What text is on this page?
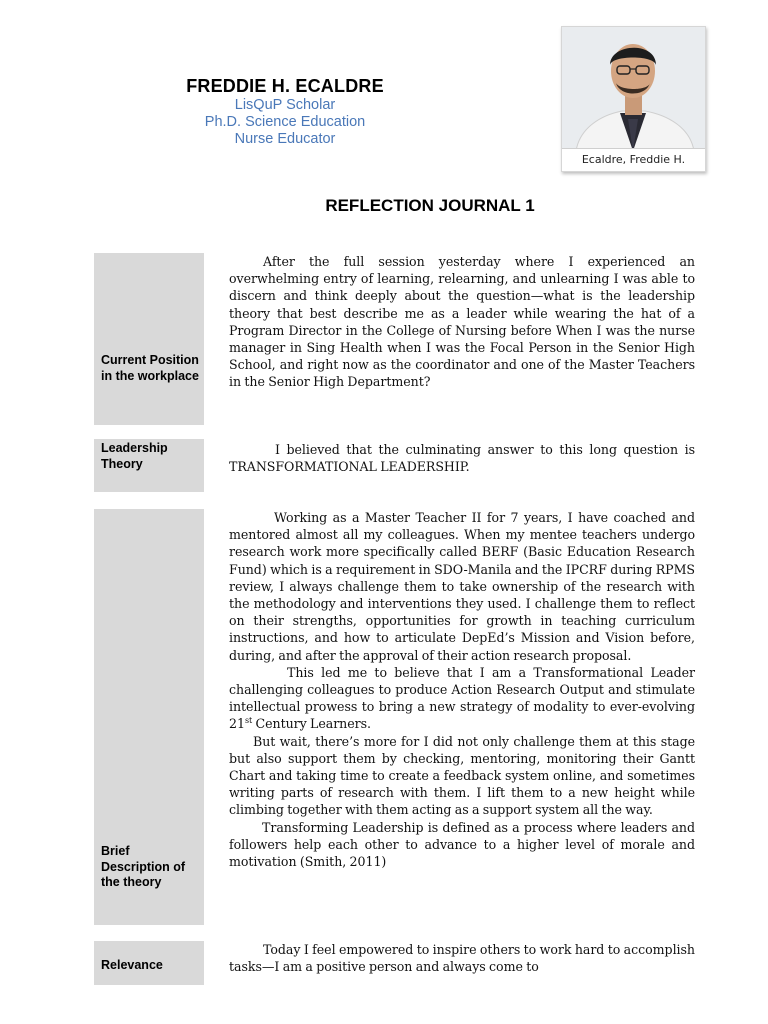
FREDDIE H. ECALDRE
LisQuP Scholar
Ph.D. Science Education
Nurse Educator
Ecaldre, Freddie H.
REFLECTION JOURNAL 1
Current Position in the workplace

After the full session yesterday where I experienced an overwhelming entry of learning, relearning, and unlearning I was able to discern and think deeply about the question—what is the leadership theory that best describe me as a leader while wearing the hat of a Program Director in the College of Nursing before When I was the nurse manager in Sing Health when I was the Focal Person in the Senior High School, and right now as the coordinator and one of the Master Teachers in the Senior High Department?

Leadership Theory

I believed that the culminating answer to this long question is TRANSFORMATIONAL LEADERSHIP.

Brief Description of the theory

Working as a Master Teacher II for 7 years, I have coached and mentored almost all my colleagues. When my mentee teachers undergo research work more specifically called BERF (Basic Education Research Fund) which is a requirement in SDO-Manila and the IPCRF during RPMS review, I always challenge them to take ownership of the research with the methodology and interventions they used. I challenge them to reflect on their strengths, opportunities for growth in teaching curriculum instructions, and how to articulate DepEd’s Mission and Vision before, during, and after the approval of their action research proposal.

This led me to believe that I am a Transformational Leader challenging colleagues to produce Action Research Output and stimulate intellectual prowess to bring a new strategy of modality to ever-evolving 21st Century Learners.

But wait, there’s more for I did not only challenge them at this stage but also support them by checking, mentoring, monitoring their Gantt Chart and taking time to create a feedback system online, and sometimes writing parts of research with them. I lift them to a new height while climbing together with them acting as a support system all the way.

Transforming Leadership is defined as a process where leaders and followers help each other to advance to a higher level of morale and motivation (Smith, 2011)

Relevance

Today I feel empowered to inspire others to work hard to accomplish tasks—I am a positive person and always come to
